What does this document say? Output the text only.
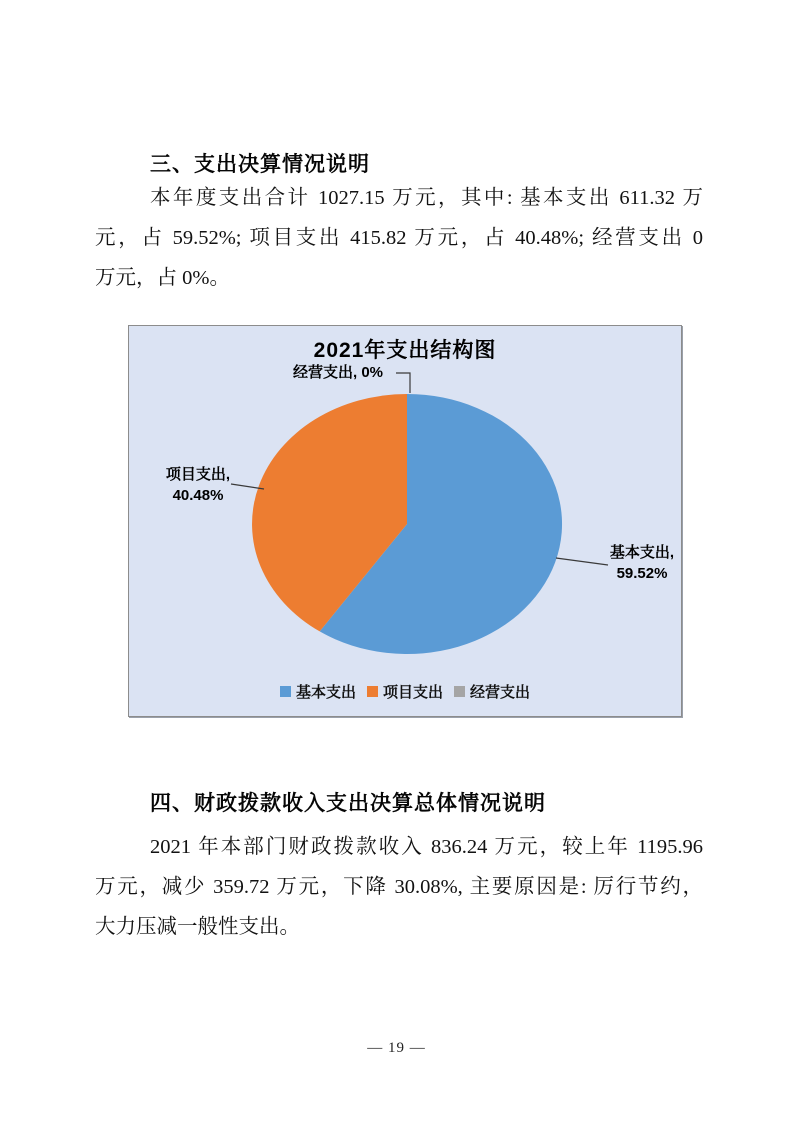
三、支出决算情况说明
本年度支出合计 1027.15 万元，其中: 基本支出 611.32 万
元，占 59.52%; 项目支出 415.82 万元，占 40.48%; 经营支出 0
万元，占 0%。
2021年支出结构图
经营支出, 0%
项目支出,
40.48%
基本支出,
59.52%
基本支出 项目支出 经营支出
四、财政拨款收入支出决算总体情况说明
2021 年本部门财政拨款收入 836.24 万元，较上年 1195.96
万元，减少 359.72 万元，下降 30.08%, 主要原因是: 厉行节约，
大力压减一般性支出。
— 19 —
